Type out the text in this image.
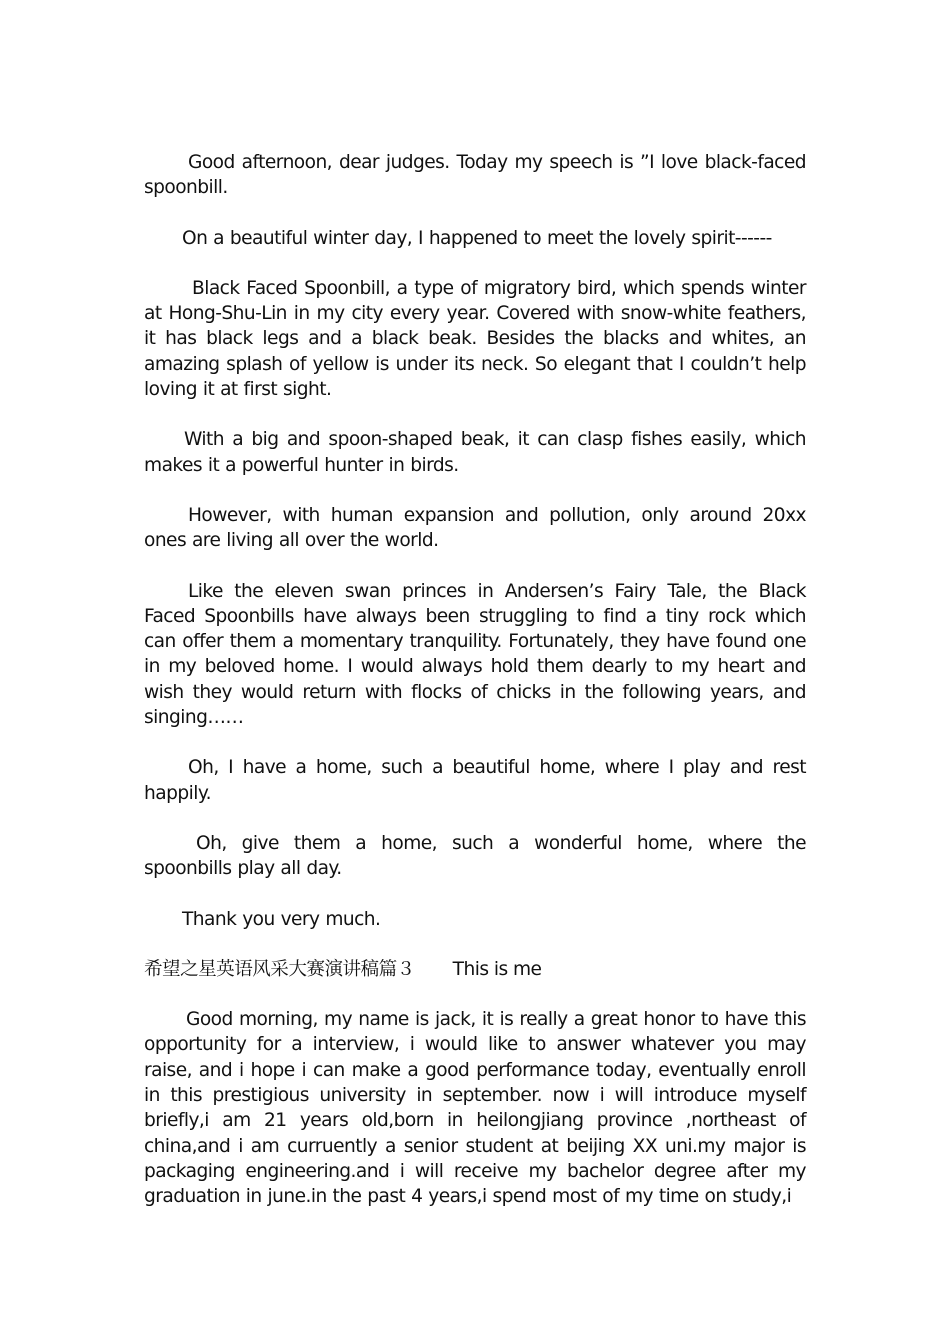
Good afternoon, dear judges. Today my speech is ”I love black-faced spoonbill.

On a beautiful winter day, I happened to meet the lovely spirit------

Black Faced Spoonbill, a type of migratory bird, which spends winter at Hong-Shu-Lin in my city every year. Covered with snow-white feathers, it has black legs and a black beak. Besides the blacks and whites, an amazing splash of yellow is under its neck. So elegant that I couldn’t help loving it at first sight.

With a big and spoon-shaped beak, it can clasp fishes easily, which makes it a powerful hunter in birds.

However, with human expansion and pollution, only around 20xx ones are living all over the world.

Like the eleven swan princes in Andersen’s Fairy Tale, the Black Faced Spoonbills have always been struggling to find a tiny rock which can offer them a momentary tranquility. Fortunately, they have found one in my beloved home. I would always hold them dearly to my heart and wish they would return with flocks of chicks in the following years, and singing……

Oh, I have a home, such a beautiful home, where I play and rest happily.

Oh, give them a home, such a wonderful home, where the spoonbills play all day.

Thank you very much.

希望之星英语风采大赛演讲稿篇３ This is me

Good morning, my name is jack, it is really a great honor to have this opportunity for a interview, i would like to answer whatever you may raise, and i hope i can make a good performance today, eventually enroll in this prestigious university in september. now i will introduce myself briefly,i am 21 years old,born in heilongjiang province ,northeast of china,and i am curruently a senior student at beijing XX uni.my major is packaging engineering.and i will receive my bachelor degree after my graduation in june.in the past 4 years,i spend most of my time on study,i
